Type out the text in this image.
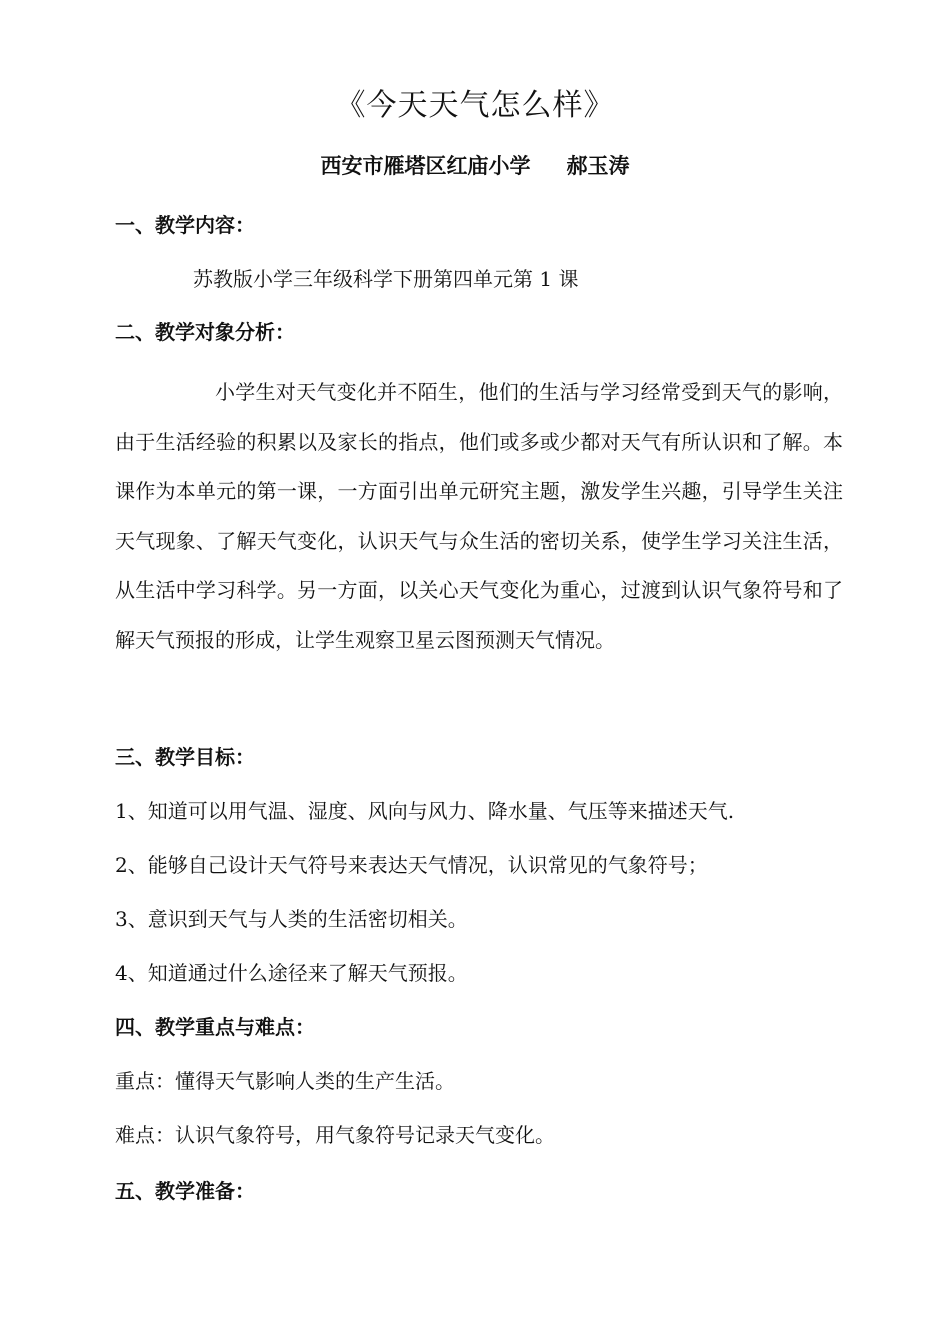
《今天天气怎么样》
西安市雁塔区红庙小学 郝玉涛
一、教学内容：
苏教版小学三年级科学下册第四单元第 1 课
二、教学对象分析：
小学生对天气变化并不陌生，他们的生活与学习经常受到天气的影响，由于生活经验的积累以及家长的指点，他们或多或少都对天气有所认识和了解。本课作为本单元的第一课，一方面引出单元研究主题，激发学生兴趣，引导学生关注天气现象、了解天气变化，认识天气与众生活的密切关系，使学生学习关注生活，从生活中学习科学。另一方面，以关心天气变化为重心，过渡到认识气象符号和了解天气预报的形成，让学生观察卫星云图预测天气情况。
三、教学目标：
1、知道可以用气温、湿度、风向与风力、降水量、气压等来描述天气.
2、能够自己设计天气符号来表达天气情况，认识常见的气象符号；
3、意识到天气与人类的生活密切相关。
4、知道通过什么途径来了解天气预报。
四、教学重点与难点：
重点：懂得天气影响人类的生产生活。
难点：认识气象符号，用气象符号记录天气变化。
五、教学准备：
